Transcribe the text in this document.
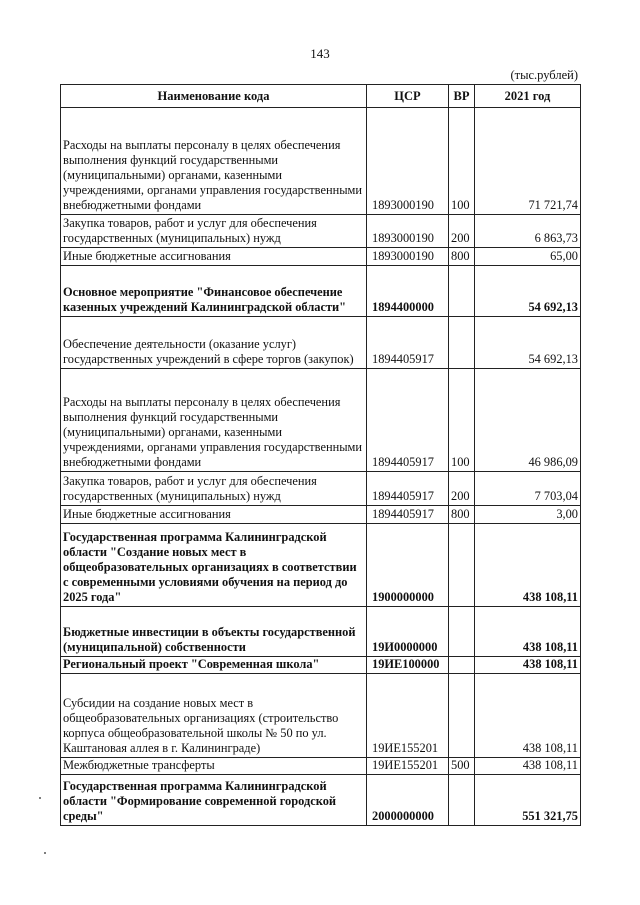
143
(тыс.рублей)
Наименование кода	ЦСР	ВР	2021 год
Расходы на выплаты персоналу в целях обеспечения выполнения функций государственными (муниципальными) органами, казенными учреждениями, органами управления государственными внебюджетными фондами	1893000190	100	71 721,74
Закупка товаров, работ и услуг для обеспечения государственных (муниципальных) нужд	1893000190	200	6 863,73
Иные бюджетные ассигнования	1893000190	800	65,00
Основное мероприятие "Финансовое обеспечение казенных учреждений Калининградской области"	1894400000		54 692,13
Обеспечение деятельности (оказание услуг) государственных учреждений в сфере торгов (закупок)	1894405917		54 692,13
Расходы на выплаты персоналу в целях обеспечения выполнения функций государственными (муниципальными) органами, казенными учреждениями, органами управления государственными внебюджетными фондами	1894405917	100	46 986,09
Закупка товаров, работ и услуг для обеспечения государственных (муниципальных) нужд	1894405917	200	7 703,04
Иные бюджетные ассигнования	1894405917	800	3,00
Государственная программа Калининградской области "Создание новых мест в общеобразовательных организациях в соответствии с современными условиями обучения на период до 2025 года"	1900000000		438 108,11
Бюджетные инвестиции в объекты государственной (муниципальной) собственности	19И0000000		438 108,11
Региональный проект "Современная школа"	19ИЕ100000		438 108,11
Субсидии на создание новых мест в общеобразовательных организациях (строительство корпуса общеобразовательной школы № 50 по ул. Каштановая аллея в г. Калининграде)	19ИЕ155201		438 108,11
Межбюджетные трансферты	19ИЕ155201	500	438 108,11
Государственная программа Калининградской области "Формирование современной городской среды"	2000000000		551 321,75
